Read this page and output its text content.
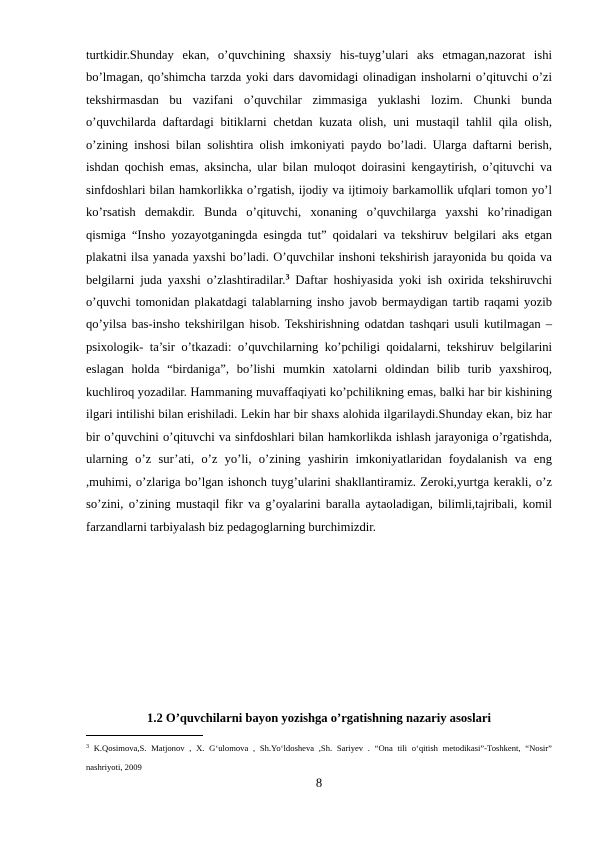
turtkidir.Shunday ekan, o’quvchining shaxsiy his-tuyg’ulari aks etmagan,nazorat ishi bo’lmagan, qo’shimcha tarzda yoki dars davomidagi olinadigan insholarni o’qituvchi o’zi tekshirmasdan bu vazifani o’quvchilar zimmasiga yuklashi lozim. Chunki bunda o’quvchilarda daftardagi bitiklarni chetdan kuzata olish, uni mustaqil tahlil qila olish, o’zining inshosi bilan solishtira olish imkoniyati paydo bo’ladi. Ularga daftarni berish, ishdan qochish emas, aksincha, ular bilan muloqot doirasini kengaytirish, o’qituvchi va sinfdoshlari bilan hamkorlikka o’rgatish, ijodiy va ijtimoiy barkamollik ufqlari tomon yo’l ko’rsatish demakdir. Bunda o’qituvchi, xonaning o’quvchilarga yaxshi ko’rinadigan qismiga “Insho yozayotganingda esingda tut” qoidalari va tekshiruv belgilari aks etgan plakatni ilsa yanada yaxshi bo’ladi. O’quvchilar inshoni tekshirish jarayonida bu qoida va belgilarni juda yaxshi o’zlashtiradilar.$^3$ Daftar hoshiyasida yoki ish oxirida tekshiruvchi o’quvchi tomonidan plakatdagi talablarning insho javob bermaydigan tartib raqami yozib qo’yilsa bas-insho tekshirilgan hisob. Tekshirishning odatdan tashqari usuli kutilmagan – psixologik- ta’sir o’tkazadi: o’quvchilarning ko’pchiligi qoidalarni, tekshiruv belgilarini eslagan holda “birdaniga”, bo’lishi mumkin xatolarni oldindan bilib turib yaxshiroq, kuchliroq yozadilar. Hammaning muvaffaqiyati ko’pchilikning emas, balki har bir kishining ilgari intilishi bilan erishiladi. Lekin har bir shaxs alohida ilgarilaydi.Shunday ekan, biz har bir o’quvchini o’qituvchi va sinfdoshlari bilan hamkorlikda ishlash jarayoniga o’rgatishda, ularning o’z sur’ati, o’z yo’li, o’zining yashirin imkoniyatlaridan foydalanish va eng ,muhimi, o’zlariga bo’lgan ishonch tuyg’ularini shakllantiramiz. Zeroki,yurtga kerakli, o’z so’zini, o’zining mustaqil fikr va g’oyalarini baralla aytaoladigan, bilimli,tajribali, komil farzandlarni tarbiyalash biz pedagoglarning burchimizdir.

1.2 O’quvchilarni bayon yozishga o’rgatishning nazariy asoslari

$^3$ K.Qosimova,S. Matjonov , X. G‘ulomova , Sh.Yo‘ldosheva ,Sh. Sariyev . “Ona tili o‘qitish metodikasi”-Toshkent, “Nosir” nashriyoti, 2009

8
